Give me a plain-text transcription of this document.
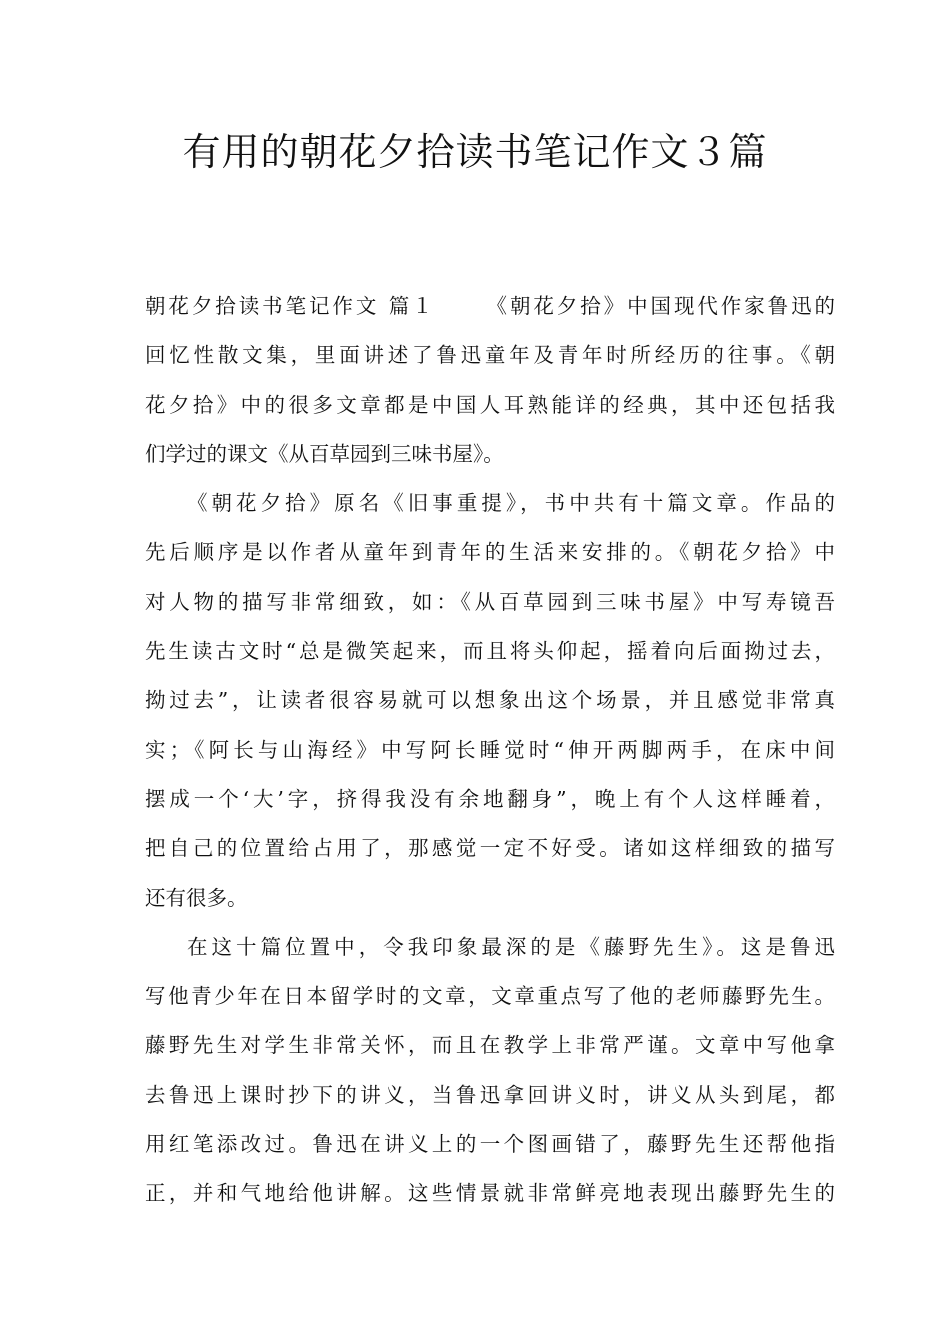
有用的朝花夕拾读书笔记作文３篇
朝花夕拾读书笔记作文 篇１ 《朝花夕拾》中国现代作家鲁迅的
回忆性散文集，里面讲述了鲁迅童年及青年时所经历的往事。《朝
花夕拾》中的很多文章都是中国人耳熟能详的经典，其中还包括我
们学过的课文《从百草园到三味书屋》。
《朝花夕拾》原名《旧事重提》，书中共有十篇文章。作品的
先后顺序是以作者从童年到青年的生活来安排的。《朝花夕拾》中
对人物的描写非常细致，如：《从百草园到三味书屋》中写寿镜吾
先生读古文时“总是微笑起来，而且将头仰起，摇着向后面拗过去，
拗过去”，让读者很容易就可以想象出这个场景，并且感觉非常真
实；《阿长与山海经》中写阿长睡觉时“伸开两脚两手，在床中间
摆成一个‘大’字，挤得我没有余地翻身”，晚上有个人这样睡着，
把自己的位置给占用了，那感觉一定不好受。诸如这样细致的描写
还有很多。
在这十篇位置中，令我印象最深的是《藤野先生》。这是鲁迅
写他青少年在日本留学时的文章，文章重点写了他的老师藤野先生。
藤野先生对学生非常关怀，而且在教学上非常严谨。文章中写他拿
去鲁迅上课时抄下的讲义，当鲁迅拿回讲义时，讲义从头到尾，都
用红笔添改过。鲁迅在讲义上的一个图画错了，藤野先生还帮他指
正，并和气地给他讲解。这些情景就非常鲜亮地表现出藤野先生的
